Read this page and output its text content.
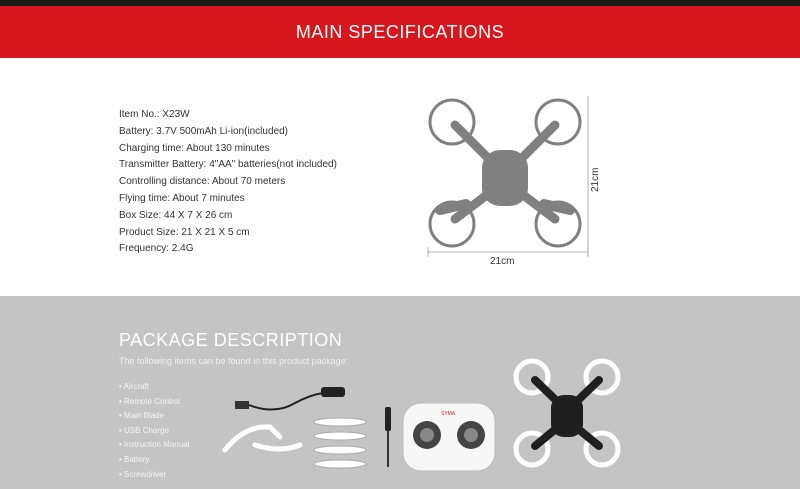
MAIN SPECIFICATIONS
Item No.: X23W
Battery: 3.7V 500mAh Li-ion(included)
Charging time: About 130 minutes
Transmitter Battery: 4"AA" batteries(not included)
Controlling distance: About 70 meters
Flying time: About 7 minutes
Box Size: 44 X 7 X 26 cm
Product Size: 21 X 21 X 5 cm
Frequency: 2.4G
21cm
21cm
PACKAGE DESCRIPTION
The following items can be found in this product package:
• Aircraft
• Remote Control
• Main Blade
• USB Charge
• Instruction Manual
• Battery
• Screwdriver
SYMA
